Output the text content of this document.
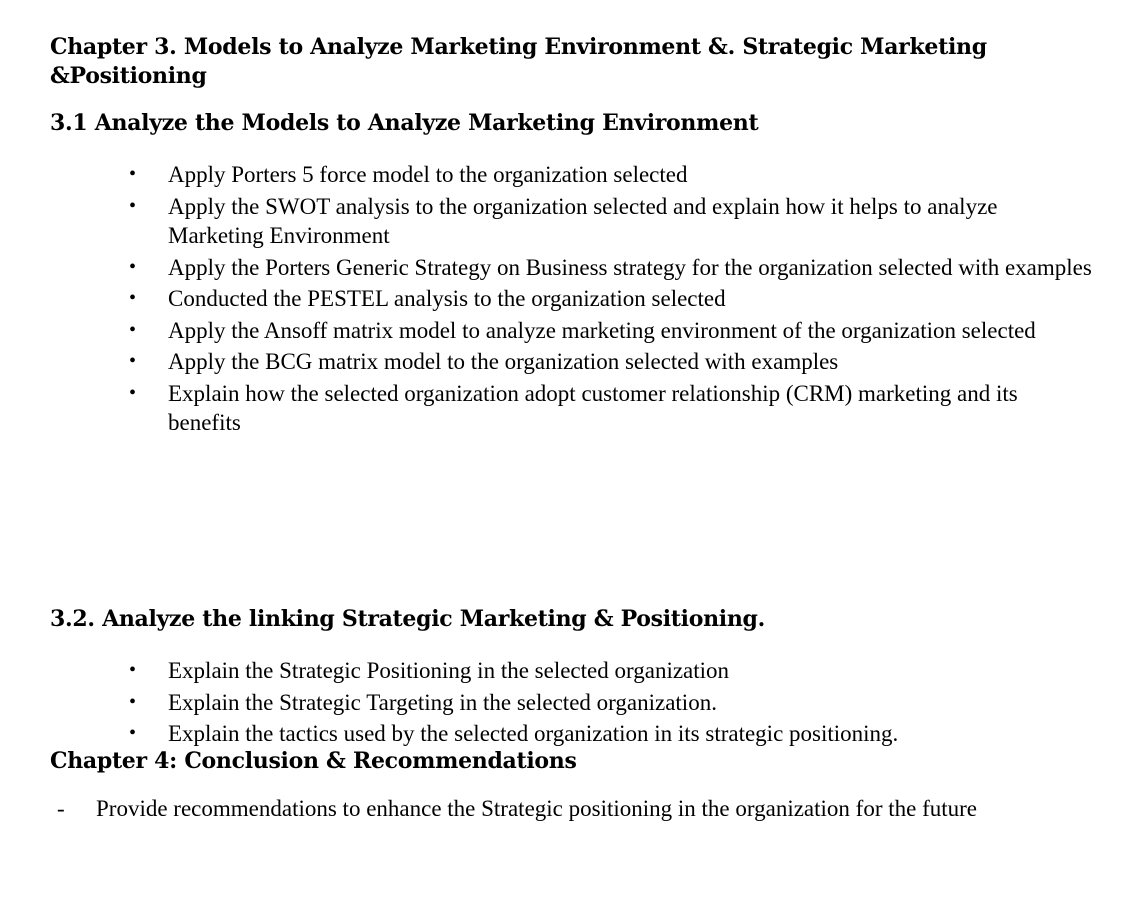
Chapter 3. Models to Analyze Marketing Environment &. Strategic Marketing &Positioning
3.1 Analyze the Models to Analyze Marketing Environment
• Apply Porters 5 force model to the organization selected
• Apply the SWOT analysis to the organization selected and explain how it helps to analyze Marketing Environment
• Apply the Porters Generic Strategy on Business strategy for the organization selected with examples
• Conducted the PESTEL analysis to the organization selected
• Apply the Ansoff matrix model to analyze marketing environment of the organization selected
• Apply the BCG matrix model to the organization selected with examples
• Explain how the selected organization adopt customer relationship (CRM) marketing and its benefits
3.2. Analyze the linking Strategic Marketing & Positioning.
• Explain the Strategic Positioning in the selected organization
• Explain the Strategic Targeting in the selected organization.
• Explain the tactics used by the selected organization in its strategic positioning.
Chapter 4: Conclusion & Recommendations
- Provide recommendations to enhance the Strategic positioning in the organization for the future
